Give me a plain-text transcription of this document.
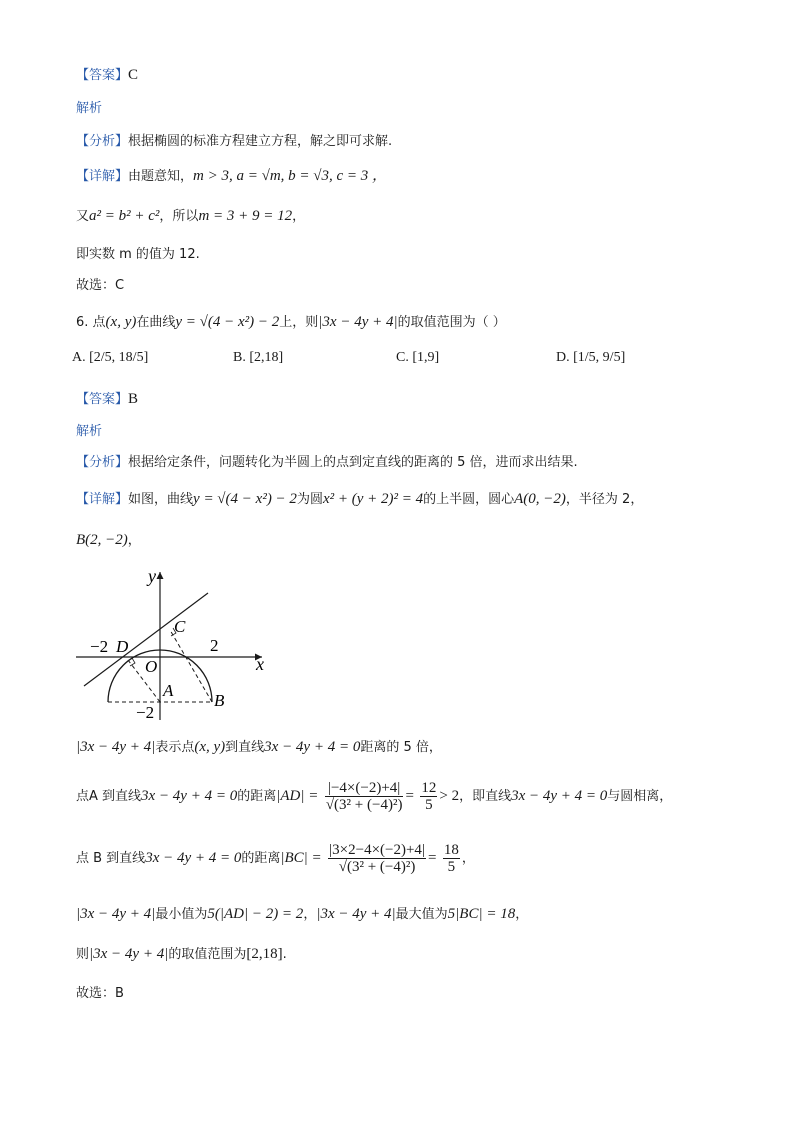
【答案】C
解析
【分析】根据椭圆的标准方程建立方程，解之即可求解.
【详解】由题意知，m > 3, a = √m, b = √3, c = 3 ，
又a² = b² + c²，所以m = 3 + 9 = 12，
即实数 m 的值为 12.
故选：C
6. 点(x, y)在曲线y = √(4 − x²) − 2上，则|3x − 4y + 4|的取值范围为（ ）
A. [2/5, 18/5]	B. [2,18]	C. [1,9]	D. [1/5, 9/5]
【答案】B
解析
【分析】根据给定条件，问题转化为半圆上的点到定直线的距离的 5 倍，进而求出结果.
【详解】如图，曲线y = √(4 − x²) − 2为圆x² + (y + 2)² = 4的上半圆，圆心A(0, −2)，半径为 2，
B(2, −2)，
y
x
O
−2	2
−2
A
B
C
D
|3x − 4y + 4|表示点(x, y)到直线3x − 4y + 4 = 0距离的 5 倍，
点A 到直线3x − 4y + 4 = 0的距离$|AD| = \frac{|-4\times(-2)+4|}{\text{√(3² + (−4)²)}} = \frac{12}{5} > 2$，即直线3x − 4y + 4 = 0与圆相离，
点 B 到直线3x − 4y + 4 = 0的距离$|BC| = \frac{|3\times 2-4\times(-2)+4|}{\text{√(3² + (−4)²)}} = \frac{18}{5}$ ，
|3x − 4y + 4|最小值为5(|AD| − 2) = 2，|3x − 4y + 4|最大值为5|BC| = 18，
则|3x − 4y + 4|的取值范围为[2,18].
故选：B
